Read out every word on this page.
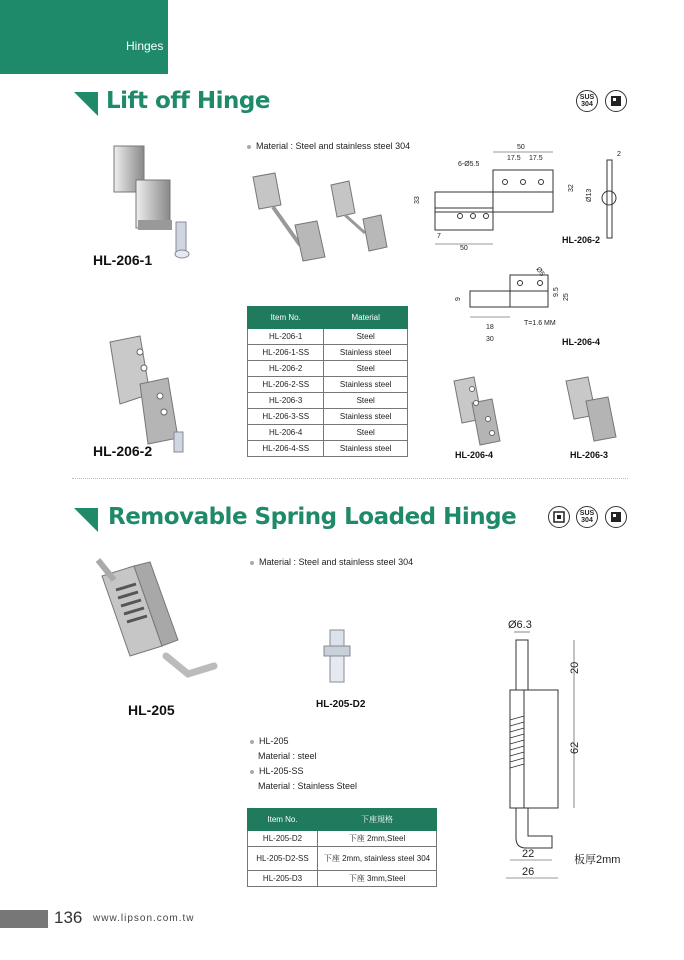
Hinges
Lift off Hinge	SUS 304
HL-206-1
HL-206-2
Material : Steel and stainless steel 304	50
17.5 17.5
6-Ø5.5
32
Ø13
2
33
7
50
HL-206-2
Ø5
9
9.5
25
18
30
T=1.6 MM
HL-206-4
HL-206-4	HL-206-3
Item No.	Material
HL-206-1	Steel
HL-206-1-SS	Stainless steel
HL-206-2	Steel
HL-206-2-SS	Stainless steel
HL-206-3	Steel
HL-206-3-SS	Stainless steel
HL-206-4	Steel
HL-206-4-SS	Stainless steel
Removable Spring Loaded Hinge	SUS 304
HL-205
Material : Steel and stainless steel 304
HL-205-D2
HL-205
Material : steel
HL-205-SS
Material : Stainless Steel
Item No.	下座規格
HL-205-D2	下座 2mm,Steel
HL-205-D2-SS	下座 2mm, stainless steel 304
HL-205-D3	下座 3mm,Steel
Ø6.3
20
62
22
26
板厚2mm
136 www.lipson.com.tw
